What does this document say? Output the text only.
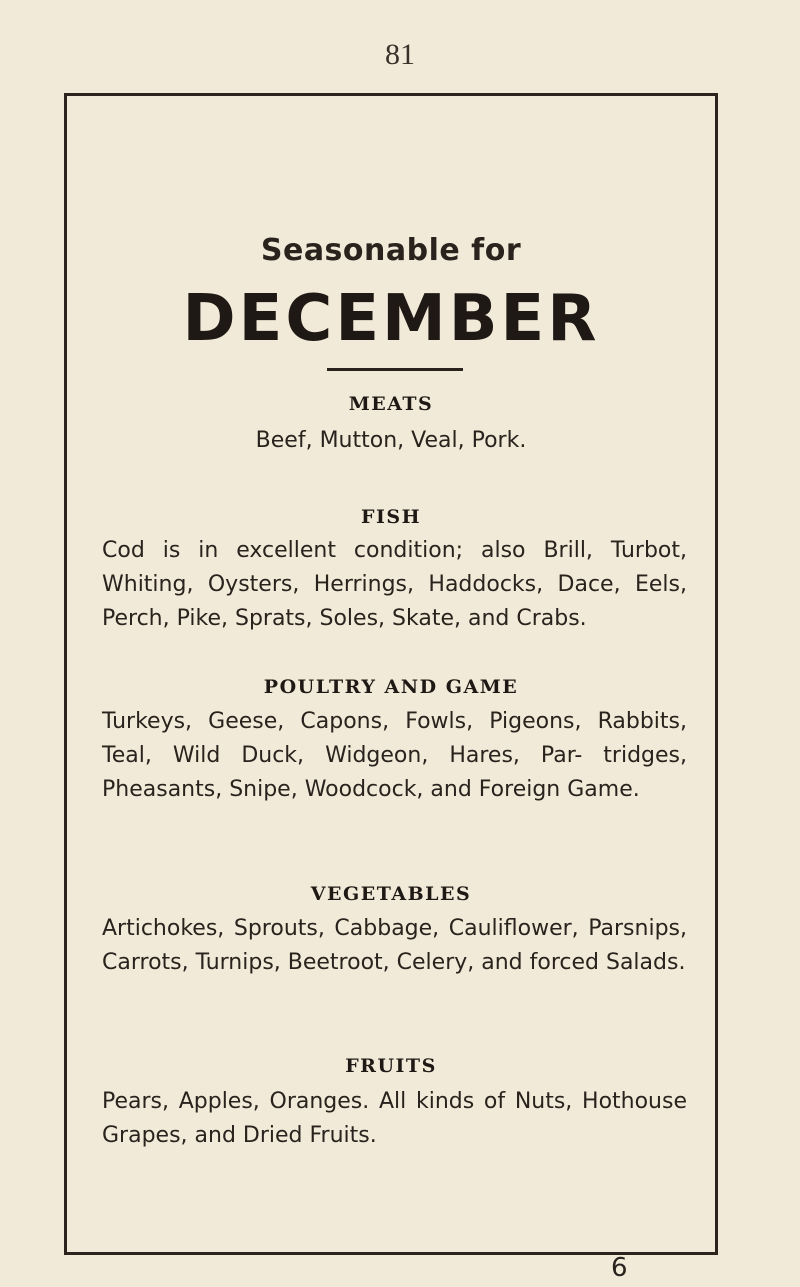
81
Seasonable for
DECEMBER
MEATS
Beef, Mutton, Veal, Pork.
FISH
Cod is in excellent condition; also Brill, Turbot, Whiting, Oysters, Herrings, Haddocks, Dace, Eels, Perch, Pike, Sprats, Soles, Skate, and Crabs.
POULTRY AND GAME
Turkeys, Geese, Capons, Fowls, Pigeons, Rabbits, Teal, Wild Duck, Widgeon, Hares, Par- tridges, Pheasants, Snipe, Woodcock, and Foreign Game.
VEGETABLES
Artichokes, Sprouts, Cabbage, Cauliflower, Parsnips, Carrots, Turnips, Beetroot, Celery, and forced Salads.
FRUITS
Pears, Apples, Oranges. All kinds of Nuts, Hothouse Grapes, and Dried Fruits.
6
